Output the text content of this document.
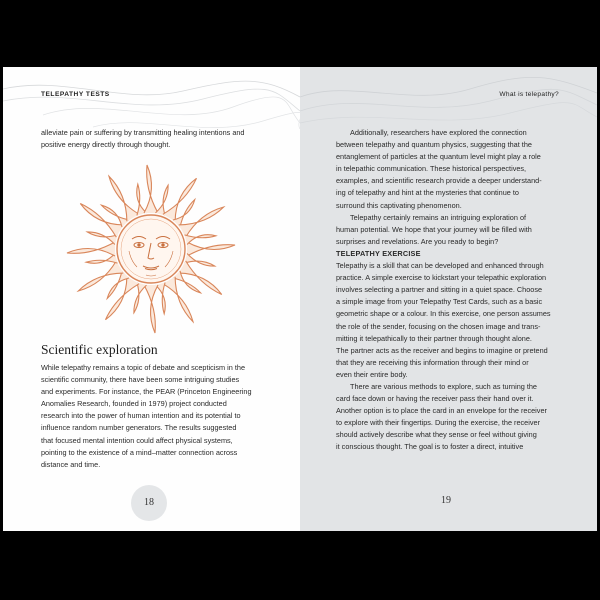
TELEPATHY TESTS

alleviate pain or suffering by transmitting healing intentions and

positive energy directly through thought.

Scientific exploration

While telepathy remains a topic of debate and scepticism in the

scientific community, there have been some intriguing studies

and experiments. For instance, the PEAR (Princeton Engineering

Anomalies Research, founded in 1979) project conducted

research into the power of human intention and its potential to

influence random number generators. The results suggested

that focused mental intention could affect physical systems,

pointing to the existence of a mind–matter connection across

distance and time.

18
What is telepathy?

Additionally, researchers have explored the connection

between telepathy and quantum physics, suggesting that the

entanglement of particles at the quantum level might play a role

in telepathic communication. These historical perspectives,

examples, and scientific research provide a deeper understand-

ing of telepathy and hint at the mysteries that continue to

surround this captivating phenomenon.

Telepathy certainly remains an intriguing exploration of

human potential. We hope that your journey will be filled with

surprises and revelations. Are you ready to begin?

TELEPATHY EXERCISE

Telepathy is a skill that can be developed and enhanced through

practice. A simple exercise to kickstart your telepathic exploration

involves selecting a partner and sitting in a quiet space. Choose

a simple image from your Telepathy Test Cards, such as a basic

geometric shape or a colour. In this exercise, one person assumes

the role of the sender, focusing on the chosen image and trans-

mitting it telepathically to their partner through thought alone.

The partner acts as the receiver and begins to imagine or pretend

that they are receiving this information through their mind or

even their entire body.

There are various methods to explore, such as turning the

card face down or having the receiver pass their hand over it.

Another option is to place the card in an envelope for the receiver

to explore with their fingertips. During the exercise, the receiver

should actively describe what they sense or feel without giving

it conscious thought. The goal is to foster a direct, intuitive

19
